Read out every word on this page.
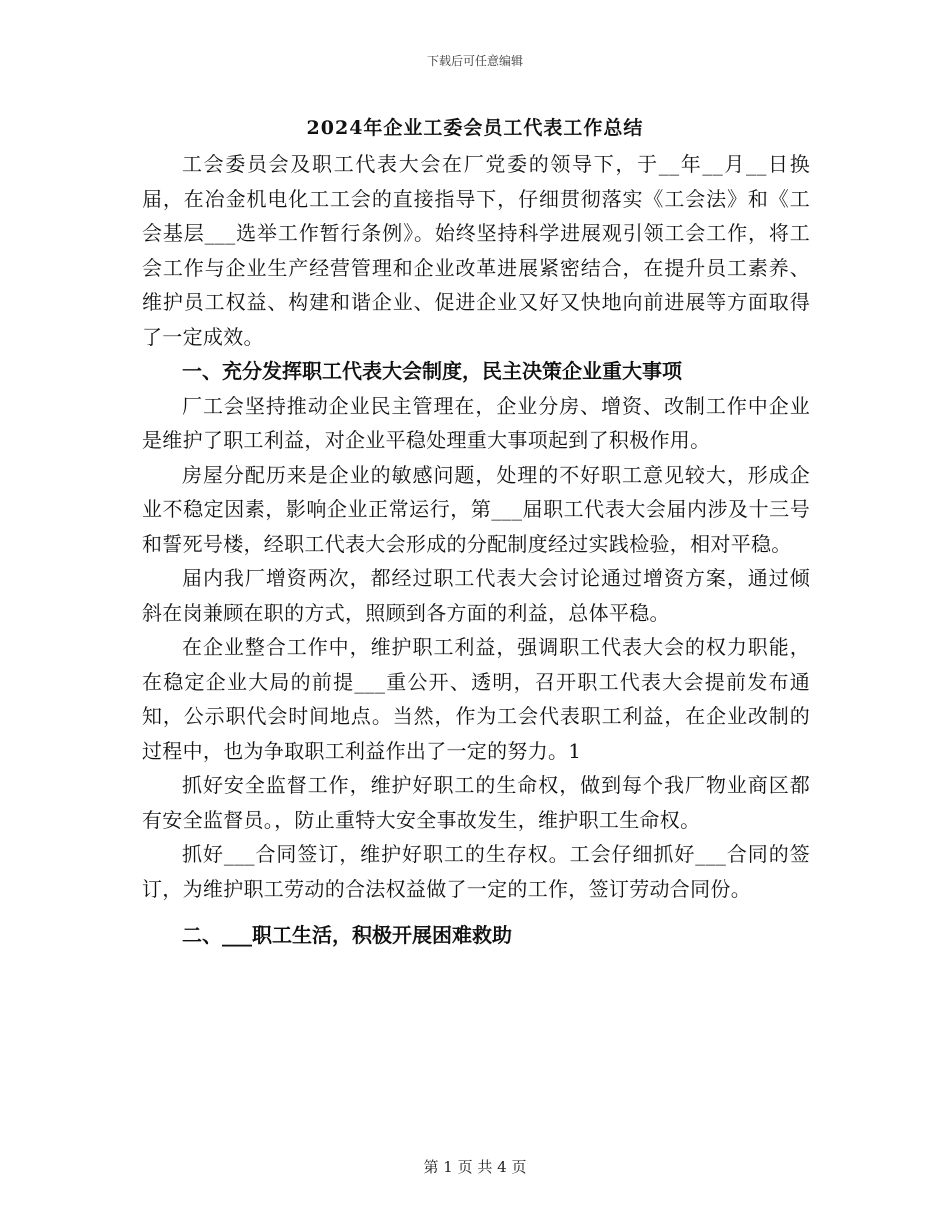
下载后可任意编辑
2024年企业工委会员工代表工作总结

工会委员会及职工代表大会在厂党委的领导下，于__年__月__日换届，在冶金机电化工工会的直接指导下，仔细贯彻落实《工会法》和《工会基层___选举工作暂行条例》。始终坚持科学进展观引领工会工作，将工会工作与企业生产经营管理和企业改革进展紧密结合，在提升员工素养、维护员工权益、构建和谐企业、促进企业又好又快地向前进展等方面取得了一定成效。

一、充分发挥职工代表大会制度，民主决策企业重大事项

厂工会坚持推动企业民主管理在，企业分房、增资、改制工作中企业是维护了职工利益，对企业平稳处理重大事项起到了积极作用。

房屋分配历来是企业的敏感问题，处理的不好职工意见较大，形成企业不稳定因素，影响企业正常运行，第___届职工代表大会届内涉及十三号和誓死号楼，经职工代表大会形成的分配制度经过实践检验，相对平稳。

届内我厂增资两次，都经过职工代表大会讨论通过增资方案，通过倾斜在岗兼顾在职的方式，照顾到各方面的利益，总体平稳。

在企业整合工作中，维护职工利益，强调职工代表大会的权力职能，在稳定企业大局的前提___重公开、透明，召开职工代表大会提前发布通知，公示职代会时间地点。当然，作为工会代表职工利益，在企业改制的过程中，也为争取职工利益作出了一定的努力。1

抓好安全监督工作，维护好职工的生命权，做到每个我厂物业商区都有安全监督员。，防止重特大安全事故发生，维护职工生命权。

抓好___合同签订，维护好职工的生存权。工会仔细抓好___合同的签订，为维护职工劳动的合法权益做了一定的工作，签订劳动合同份。

二、___职工生活，积极开展困难救助

第 1 页 共 4 页
